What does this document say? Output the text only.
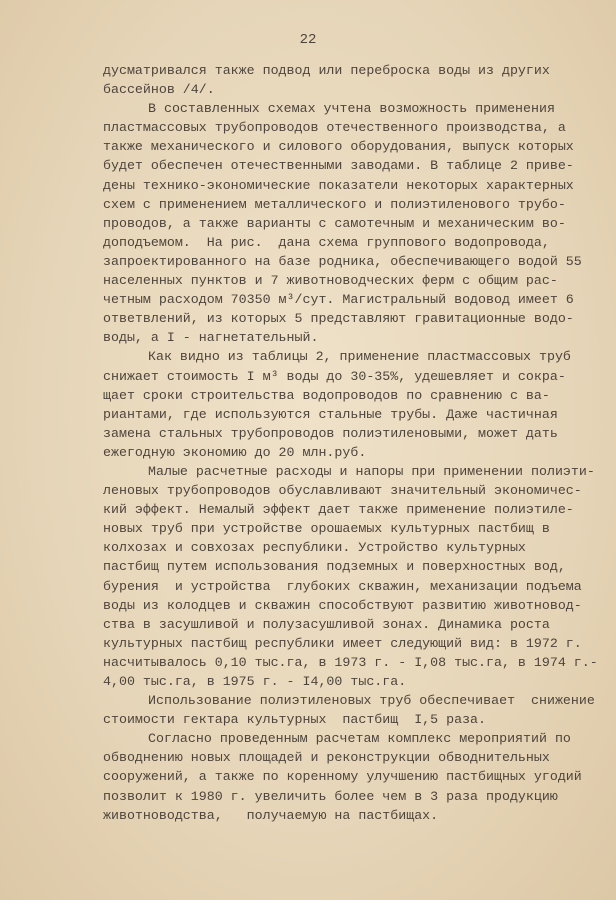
22
дусматривался также подвод или переброска воды из других
бассейнов /4/.
В составленных схемах учтена возможность применения
пластмассовых трубопроводов отечественного производства, а
также механического и силового оборудования, выпуск которых
будет обеспечен отечественными заводами. В таблице 2 приве-
дены технико-экономические показатели некоторых характерных
схем с применением металлического и полиэтиленового трубо-
проводов, а также варианты с самотечным и механическим во-
доподъемом.  На рис.  дана схема группового водопровода,
запроектированного на базе родника, обеспечивающего водой 55
населенных пунктов и 7 животноводческих ферм с общим рас-
четным расходом 70350 м³/сут. Магистральный водовод имеет 6
ответвлений, из которых 5 представляют гравитационные водо-
воды, а I - нагнетательный.
Как видно из таблицы 2, применение пластмассовых труб
снижает стоимость I м³ воды до 30-35%, удешевляет и сокра-
щает сроки строительства водопроводов по сравнению с ва-
риантами, где используются стальные трубы. Даже частичная
замена стальных трубопроводов полиэтиленовыми, может дать
ежегодную экономию до 20 млн.руб.
Малые расчетные расходы и напоры при применении полиэти-
леновых трубопроводов обуславливают значительный экономичес-
кий эффект. Немалый эффект дает также применение полиэтиле-
новых труб при устройстве орошаемых культурных пастбищ в
колхозах и совхозах республики. Устройство культурных
пастбищ путем использования подземных и поверхностных вод,
бурения  и устройства  глубоких скважин, механизации подъема
воды из колодцев и скважин способствуют развитию животновод-
ства в засушливой и полузасушливой зонах. Динамика роста
культурных пастбищ республики имеет следующий вид: в 1972 г.
насчитывалось 0,10 тыс.га, в 1973 г. - I,08 тыс.га, в 1974 г.-
4,00 тыс.га, в 1975 г. - I4,00 тыс.га.
Использование полиэтиленовых труб обеспечивает  снижение
стоимости гектара культурных  пастбищ  I,5 раза.
Согласно проведенным расчетам комплекс мероприятий по
обводнению новых площадей и реконструкции обводнительных
сооружений, а также по коренному улучшению пастбищных угодий
позволит к 1980 г. увеличить более чем в 3 раза продукцию
животноводства,   получаемую на пастбищах.
